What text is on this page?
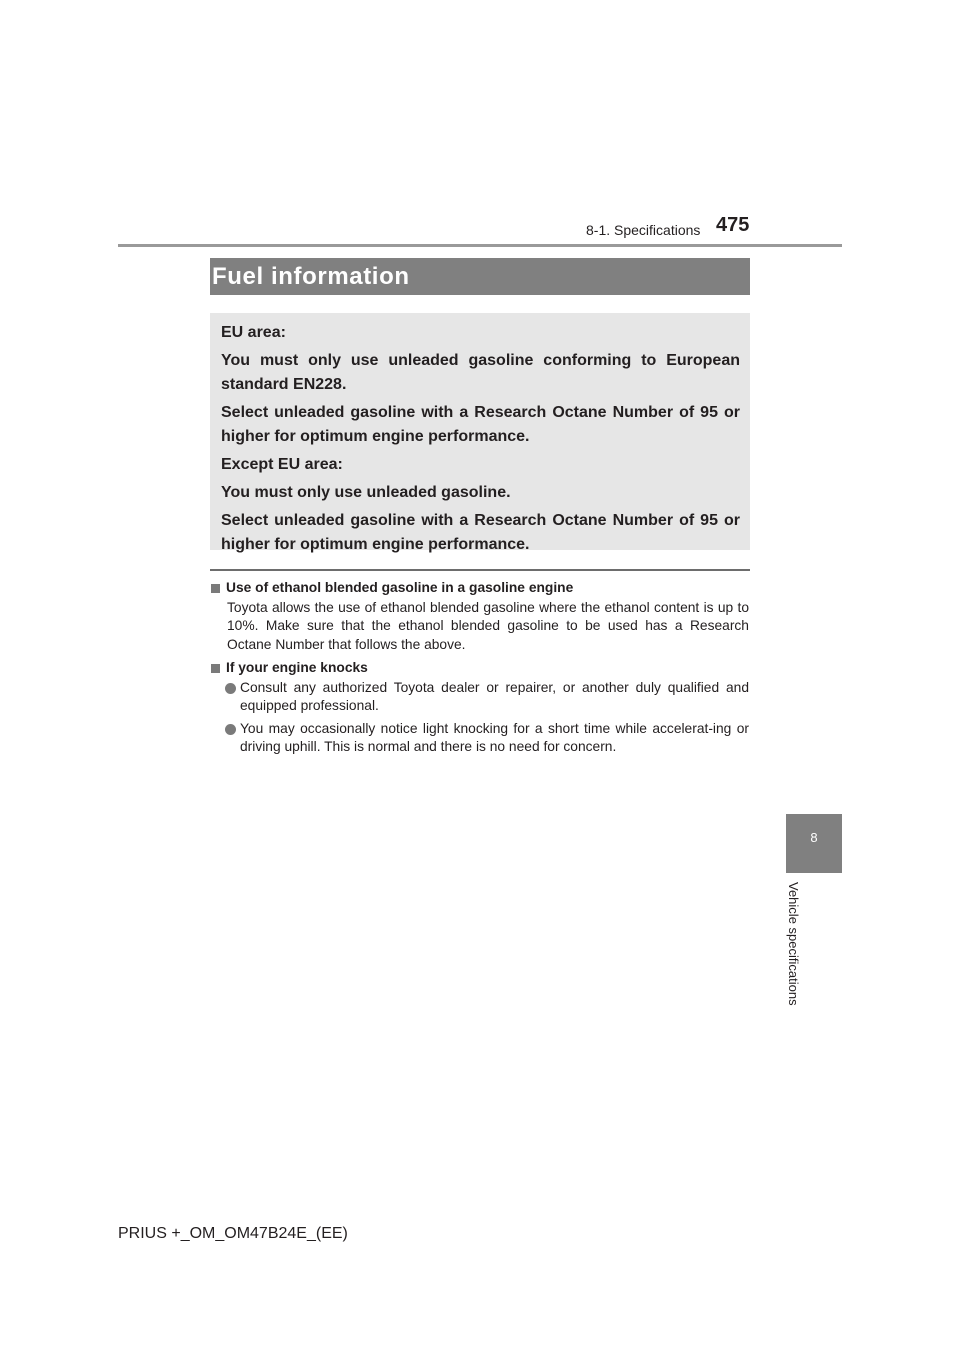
8-1. Specifications 475
Fuel information

EU area:

You must only use unleaded gasoline conforming to European standard EN228.

Select unleaded gasoline with a Research Octane Number of 95 or higher for optimum engine performance.

Except EU area:

You must only use unleaded gasoline.

Select unleaded gasoline with a Research Octane Number of 95 or higher for optimum engine performance.

Use of ethanol blended gasoline in a gasoline engine

Toyota allows the use of ethanol blended gasoline where the ethanol content is up to 10%. Make sure that the ethanol blended gasoline to be used has a Research Octane Number that follows the above.

If your engine knocks
Consult any authorized Toyota dealer or repairer, or another duly qualified and equipped professional.
You may occasionally notice light knocking for a short time while accelerat-ing or driving uphill. This is normal and there is no need for concern.
8
Vehicle specifications
PRIUS +_OM_OM47B24E_(EE)
